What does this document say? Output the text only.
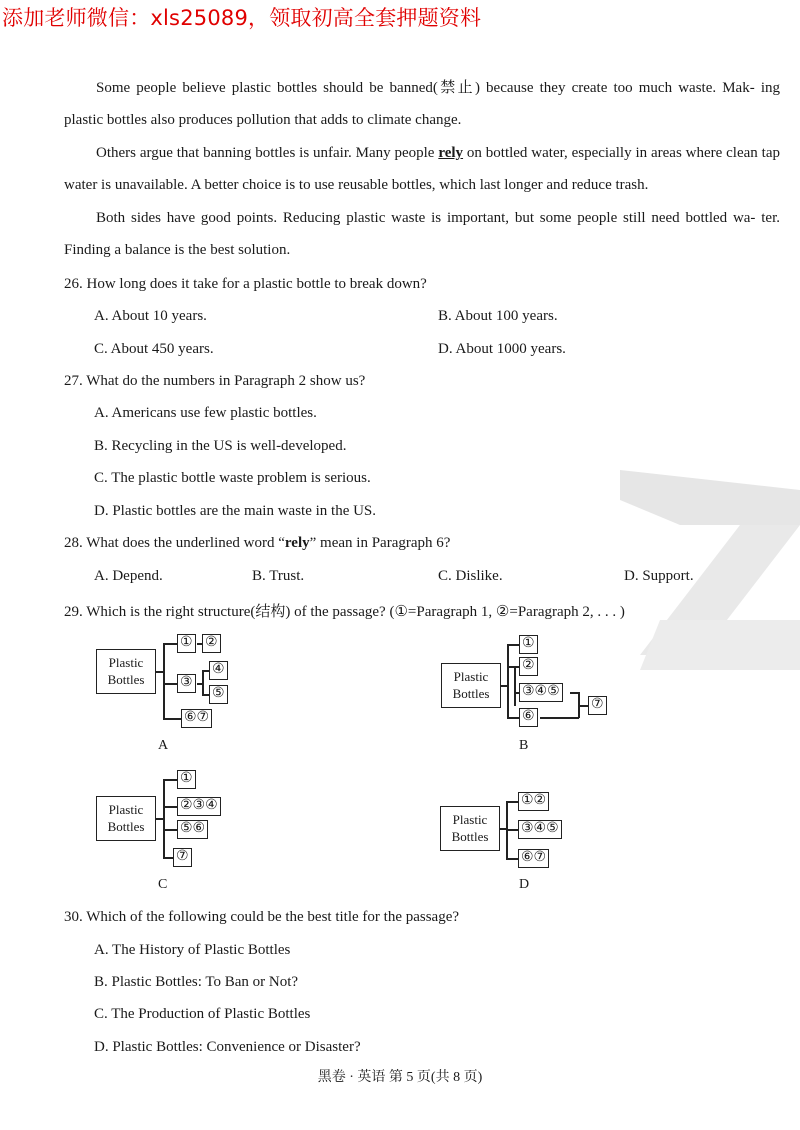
添加老师微信：xls25089，领取初高全套押题资料
Some people believe plastic bottles should be banned(禁止) because they create too much waste. Mak- ing plastic bottles also produces pollution that adds to climate change.
Others argue that banning bottles is unfair. Many people rely on bottled water, especially in areas where clean tap water is unavailable. A better choice is to use reusable bottles, which last longer and reduce trash.
Both sides have good points. Reducing plastic waste is important, but some people still need bottled wa- ter. Finding a balance is the best solution.
26. How long does it take for a plastic bottle to break down?
A. About 10 years.	B. About 100 years.
C. About 450 years.	D. About 1000 years.
27. What do the numbers in Paragraph 2 show us?
A. Americans use few plastic bottles.
B. Recycling in the US is well-developed.
C. The plastic bottle waste problem is serious.
D. Plastic bottles are the main waste in the US.
28. What does the underlined word “rely” mean in Paragraph 6?
A. Depend.	B. Trust.	C. Dislike.	D. Support.
29. Which is the right structure(结构) of the passage? (①=Paragraph 1, ②=Paragraph 2, . . . )
Plastic
Bottles
① ②
③
④
⑤
⑥⑦
A
Plastic
Bottles
①
②
③④⑤
⑥
⑦
B
Plastic
Bottles
①
②③④
⑤⑥
⑦
C
Plastic
Bottles
①②
③④⑤
⑥⑦
D
30. Which of the following could be the best title for the passage?
A. The History of Plastic Bottles
B. Plastic Bottles: To Ban or Not?
C. The Production of Plastic Bottles
D. Plastic Bottles: Convenience or Disaster?
黑卷 · 英语 第 5 页(共 8 页)
